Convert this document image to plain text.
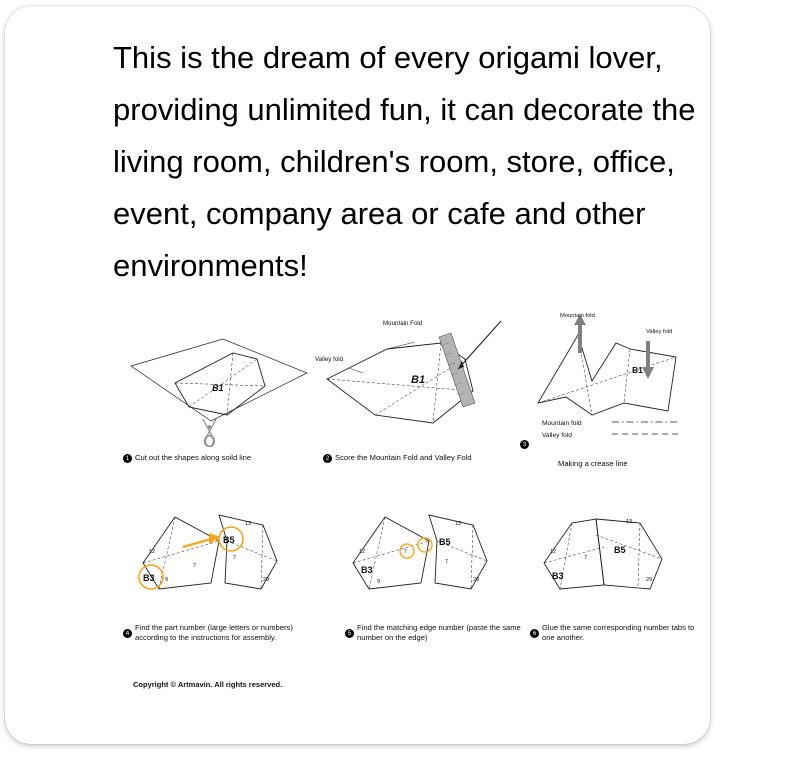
This is the dream of every origami lover, providing unlimited fun, it can decorate the living room, children's room, store, office, event, company area or cafe and other environments!
B1
1 Cut out the shapes along soild line
B1
Mountain Fold
Valley fold
2 Score the Mountain Fold and Valley Fold
B1
Mountain fold
Valley fold
Mountain fold
Valley fold
3
Making a crease line
12
9
7
B3
13
7
29
B5
4Find the part number (large letters or numbers) according to the instructions for assembly.
12
9
B3
7
13
7
29
B5
5Find the matching edge number (paste the same number on the edge)
12
B3
7
13
B5
29
6Glue the same corresponding number tabs to one another.
Copyright © Artmavin. All rights reserved.
